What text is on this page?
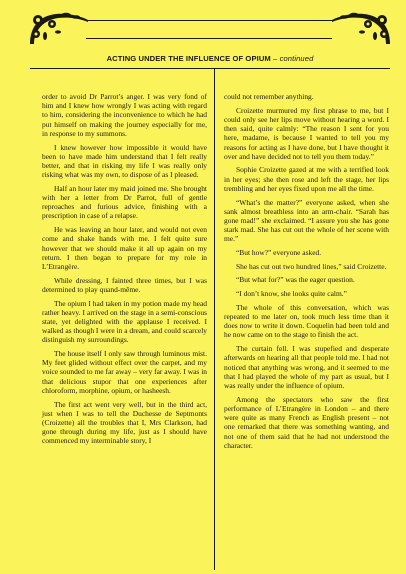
ACTING UNDER THE INFLUENCE OF OPIUM – continued

order to avoid Dr Parrot’s anger. I was very fond of him and I knew how wrongly I was acting with regard to him, considering the inconvenience to which he had put himself on making the journey especially for me, in response to my summons.

I knew however how impossible it would have been to have made him understand that I felt really better, and that in risking my life I was really only risking what was my own, to dispose of as I pleased.

Half an hour later my maid joined me. She brought with her a letter from Dr Parrot, full of gentle reproaches and furious advice, finishing with a prescription in case of a relapse.

He was leaving an hour later, and would not even come and shake hands with me. I felt quite sure however that we should make it all up again on my return. I then began to prepare for my role in L’Etrangère.

While dressing, I fainted three times, but I was determined to play quand-même.

The opium I had taken in my potion made my head rather heavy. I arrived on the stage in a semi-conscious state, yet delighted with the applause I received. I walked as though I were in a dream, and could scarcely distinguish my surroundings.

The house itself I only saw through luminous mist. My feet glided without effect over the carpet, and my voice sounded to me far away – very far away. I was in that delicious stupor that one experiences after chloroform, morphine, opium, or hasheesh.

The first act went very well, but in the third act, just when I was to tell the Duchesse de Septmonts (Croizette) all the troubles that I, Mrs Clarkson, had gone through during my life, just as I should have commenced my interminable story, I

could not remember anything.

Croizette murmured my first phrase to me, but I could only see her lips move without hearing a word. I then said, quite calmly: “The reason I sent for you here, madame, is because I wanted to tell you my reasons for acting as I have done, but I have thought it over and have decided not to tell you them today.”

Sophie Croizette gazed at me with a terrified look in her eyes; she then rose and left the stage, her lips trembling and her eyes fixed upon me all the time.

“What’s the matter?” everyone asked, when she sank almost breathless into an arm-chair. “Sarah has gone mad!” she exclaimed. “I assure you she has gone stark mad. She has cut out the whole of her scene with me.”

“But how?” everyone asked.

She has cut out two hundred lines,” said Croizette.

“But what for?” was the eager question.

“I don’t know, she looks quite calm.”

The whole of this conversation, which was repeated to me later on, took much less time than it does now to write it down. Coquelin had been told and he now came on to the stage to finish the act.

The curtain fell. I was stupefied and desperate afterwards on hearing all that people told me. I had not noticed that anything was wrong, and it seemed to me that I had played the whole of my part as usual, but I was really under the influence of opium.

Among the spectators who saw the first performance of L’Etrangère in London – and there were quite as many French as English present – not one remarked that there was something wanting, and not one of them said that he had not understood the character.
